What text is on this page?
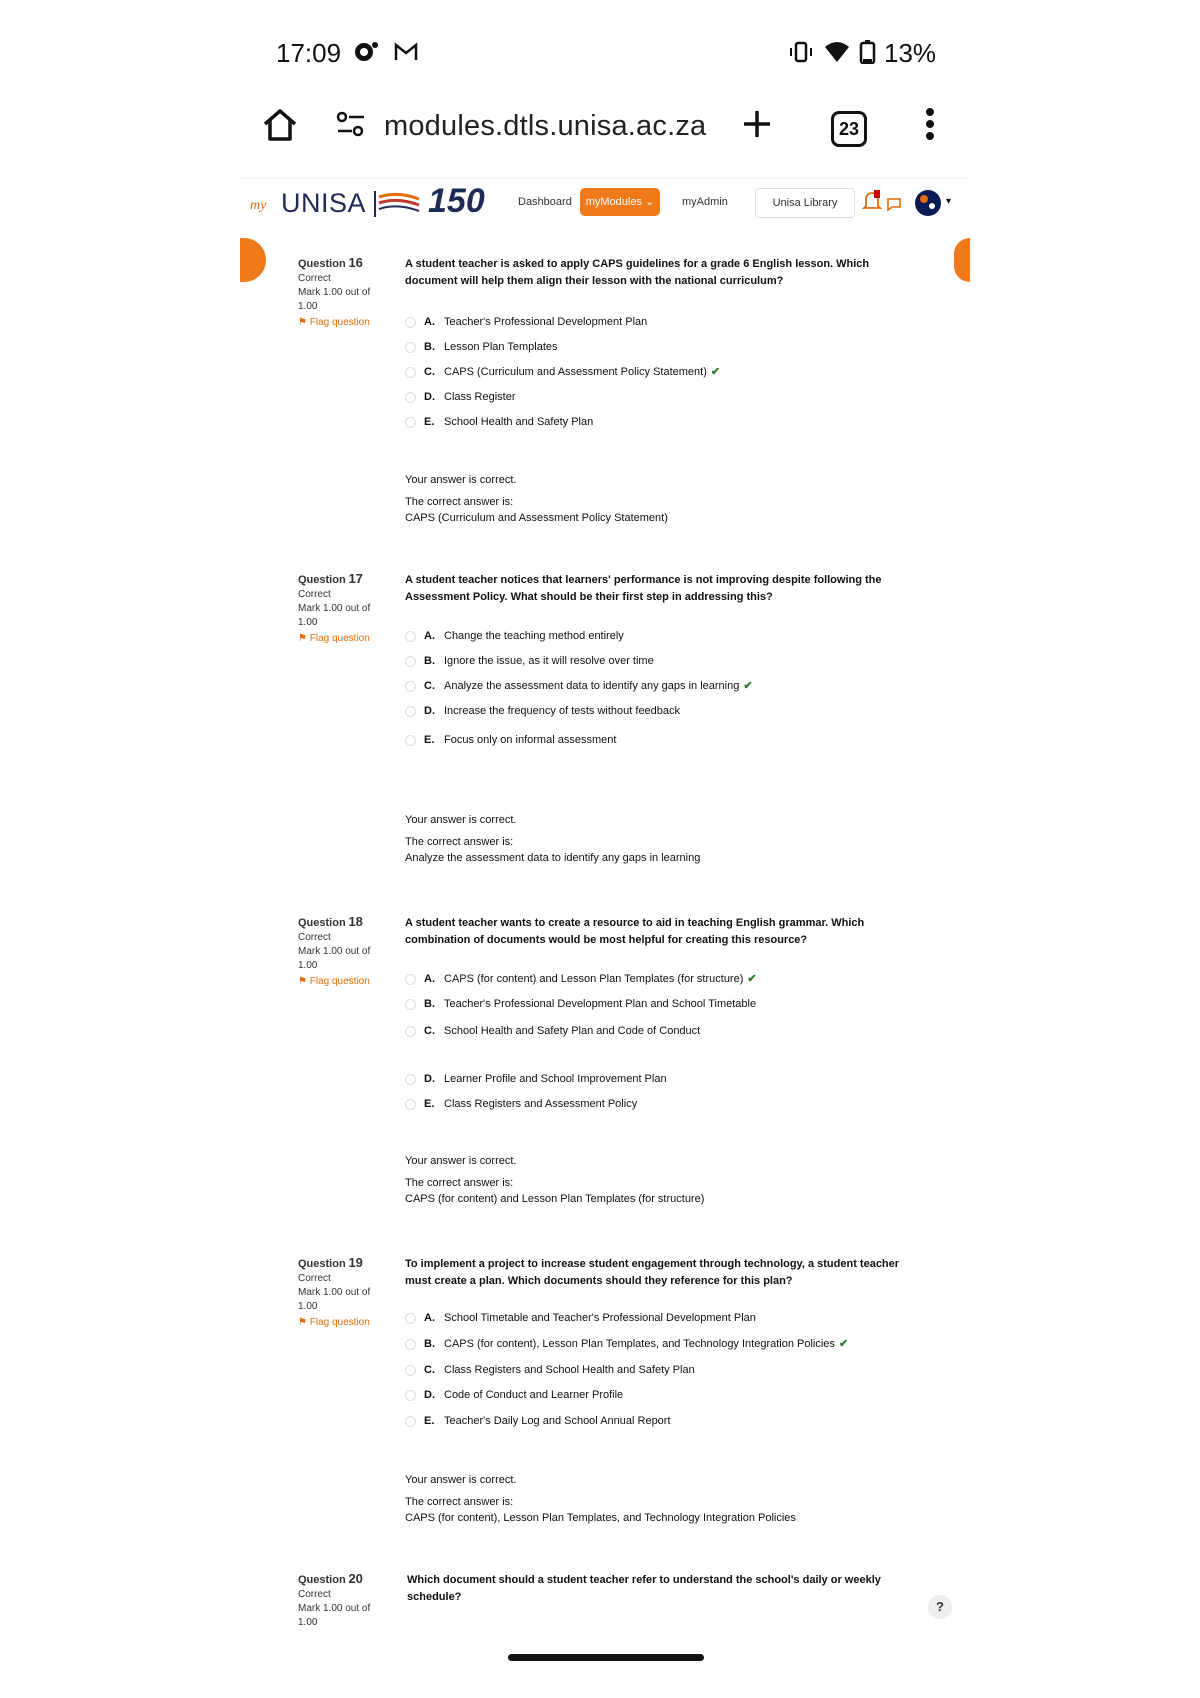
17:09	13%
modules.dtls.unisa.ac.za	23
my UNISA 150	Dashboard	myModules ⌄	myAdmin	Unisa Library	▾
Question 16
Correct
Mark 1.00 out of
1.00

⚑ Flag question
A student teacher is asked to apply CAPS guidelines for a grade 6 English lesson. Which document will help them align their lesson with the national curriculum?
A. Teacher's Professional Development Plan
B. Lesson Plan Templates
C. CAPS (Curriculum and Assessment Policy Statement) ✔
D. Class Register
E. School Health and Safety Plan
Your answer is correct.
The correct answer is:
CAPS (Curriculum and Assessment Policy Statement)
Question 17
Correct
Mark 1.00 out of
1.00

⚑ Flag question
A student teacher notices that learners' performance is not improving despite following the Assessment Policy. What should be their first step in addressing this?
A. Change the teaching method entirely
B. Ignore the issue, as it will resolve over time
C. Analyze the assessment data to identify any gaps in learning ✔
D. Increase the frequency of tests without feedback
E. Focus only on informal assessment
Your answer is correct.
The correct answer is:
Analyze the assessment data to identify any gaps in learning
Question 18
Correct
Mark 1.00 out of
1.00

⚑ Flag question
A student teacher wants to create a resource to aid in teaching English grammar. Which combination of documents would be most helpful for creating this resource?
A. CAPS (for content) and Lesson Plan Templates (for structure) ✔
B. Teacher's Professional Development Plan and School Timetable
C. School Health and Safety Plan and Code of Conduct
D. Learner Profile and School Improvement Plan
E. Class Registers and Assessment Policy
Your answer is correct.
The correct answer is:
CAPS (for content) and Lesson Plan Templates (for structure)
Question 19
Correct
Mark 1.00 out of
1.00

⚑ Flag question
To implement a project to increase student engagement through technology, a student teacher must create a plan. Which documents should they reference for this plan?
A. School Timetable and Teacher's Professional Development Plan
B. CAPS (for content), Lesson Plan Templates, and Technology Integration Policies ✔
C. Class Registers and School Health and Safety Plan
D. Code of Conduct and Learner Profile
E. Teacher's Daily Log and School Annual Report
Your answer is correct.
The correct answer is:
CAPS (for content), Lesson Plan Templates, and Technology Integration Policies
Question 20
Correct
Mark 1.00 out of
1.00
Which document should a student teacher refer to understand the school's daily or weekly schedule?
?
